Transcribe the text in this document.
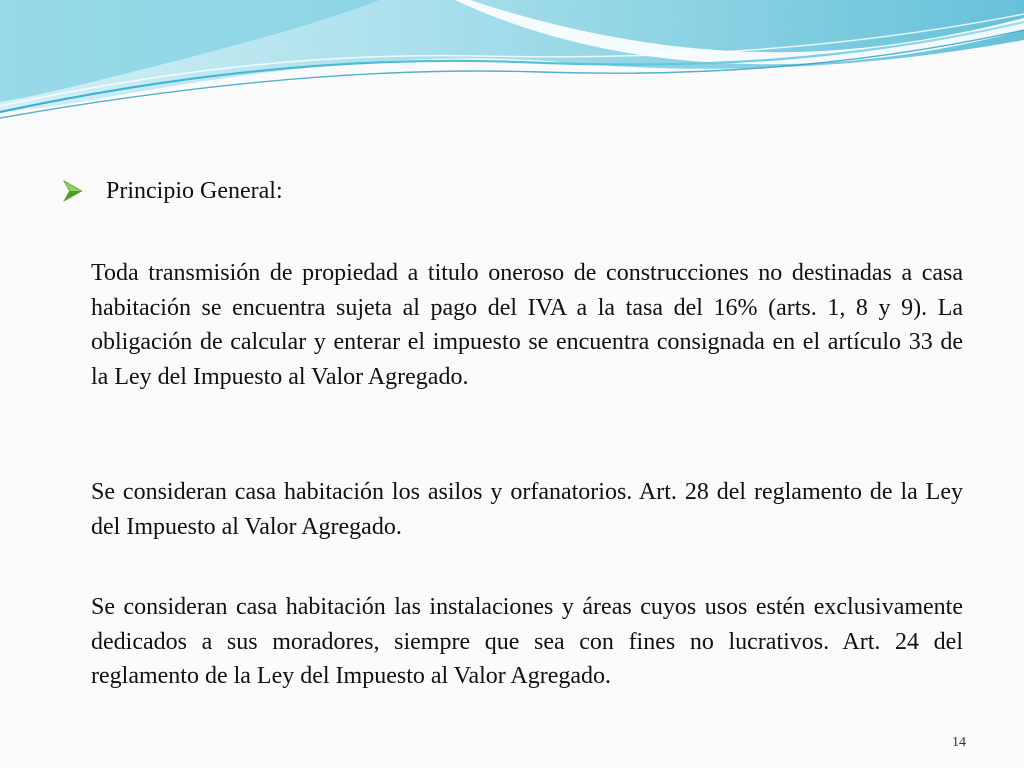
Principio General:

Toda transmisión de propiedad a titulo oneroso de construcciones no destinadas a casa habitación se encuentra sujeta al pago del IVA a la tasa del 16% (arts. 1, 8 y 9). La obligación de calcular y enterar el impuesto se encuentra consignada en el artículo 33 de la Ley del Impuesto al Valor Agregado.

Se consideran casa habitación los asilos y orfanatorios. Art. 28 del reglamento de la Ley del Impuesto al Valor Agregado.

Se consideran casa habitación las instalaciones y áreas cuyos usos estén exclusivamente dedicados a sus moradores, siempre que sea con fines no lucrativos. Art. 24 del reglamento de la Ley del Impuesto al Valor Agregado.

14
